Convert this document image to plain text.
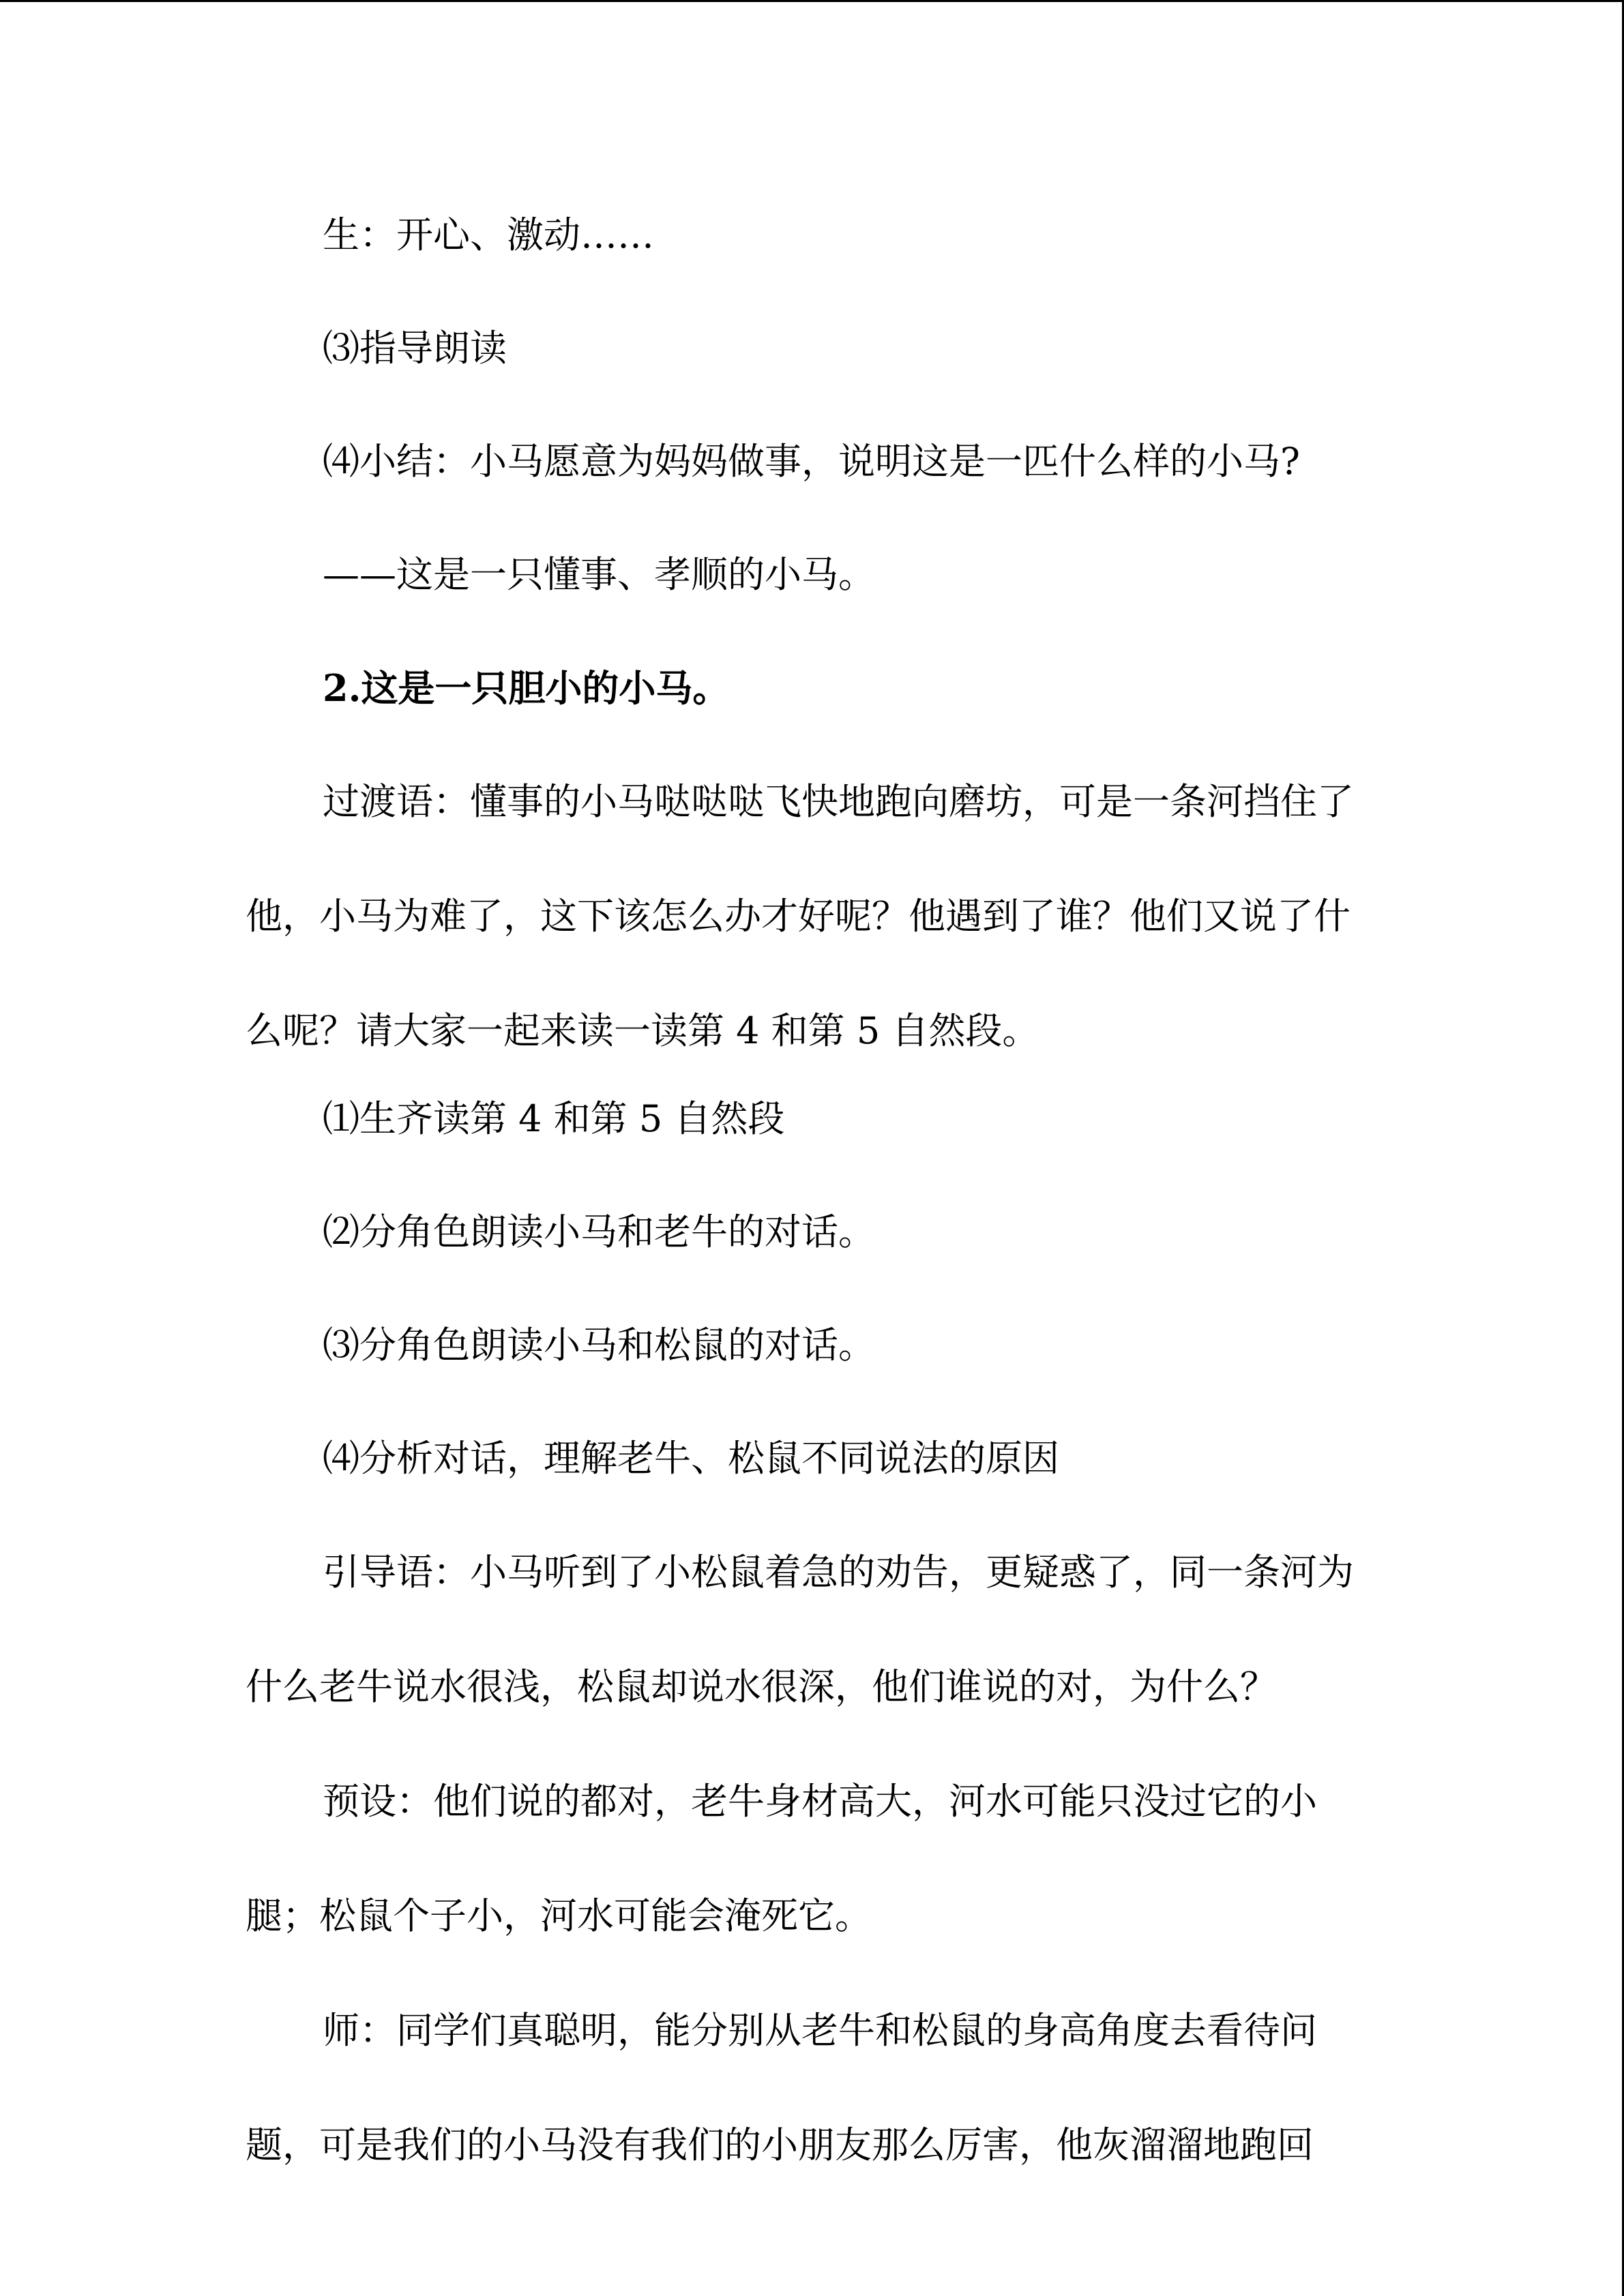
生：开心、激动……

⑶指导朗读

⑷小结：小马愿意为妈妈做事，说明这是一匹什么样的小马?

——这是一只懂事、孝顺的小马。

2.这是一只胆小的小马。

过渡语：懂事的小马哒哒哒飞快地跑向磨坊，可是一条河挡住了他，小马为难了，这下该怎么办才好呢？他遇到了谁？他们又说了什么呢？请大家一起来读一读第 4 和第 5 自然段。

⑴生齐读第 4 和第 5 自然段

⑵分角色朗读小马和老牛的对话。

⑶分角色朗读小马和松鼠的对话。

⑷分析对话，理解老牛、松鼠不同说法的原因

引导语：小马听到了小松鼠着急的劝告，更疑惑了，同一条河为什么老牛说水很浅，松鼠却说水很深，他们谁说的对，为什么？

预设：他们说的都对，老牛身材高大，河水可能只没过它的小腿；松鼠个子小，河水可能会淹死它。

师：同学们真聪明，能分别从老牛和松鼠的身高角度去看待问题，可是我们的小马没有我们的小朋友那么厉害，他灰溜溜地跑回
